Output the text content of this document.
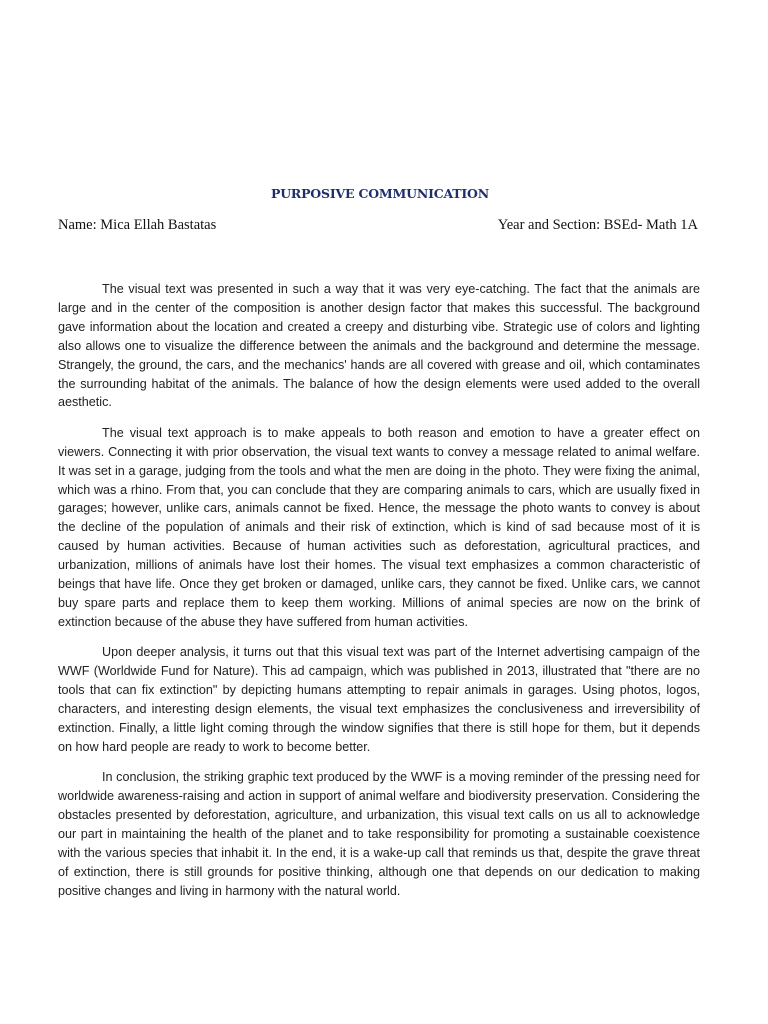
PURPOSIVE COMMUNICATION
Name: Mica Ellah Bastatas	Year and Section: BSEd- Math 1A

The visual text was presented in such a way that it was very eye-catching. The fact that the animals are large and in the center of the composition is another design factor that makes this successful. The background gave information about the location and created a creepy and disturbing vibe. Strategic use of colors and lighting also allows one to visualize the difference between the animals and the background and determine the message. Strangely, the ground, the cars, and the mechanics' hands are all covered with grease and oil, which contaminates the surrounding habitat of the animals. The balance of how the design elements were used added to the overall aesthetic.

The visual text approach is to make appeals to both reason and emotion to have a greater effect on viewers. Connecting it with prior observation, the visual text wants to convey a message related to animal welfare. It was set in a garage, judging from the tools and what the men are doing in the photo. They were fixing the animal, which was a rhino. From that, you can conclude that they are comparing animals to cars, which are usually fixed in garages; however, unlike cars, animals cannot be fixed. Hence, the message the photo wants to convey is about the decline of the population of animals and their risk of extinction, which is kind of sad because most of it is caused by human activities. Because of human activities such as deforestation, agricultural practices, and urbanization, millions of animals have lost their homes. The visual text emphasizes a common characteristic of beings that have life. Once they get broken or damaged, unlike cars, they cannot be fixed. Unlike cars, we cannot buy spare parts and replace them to keep them working. Millions of animal species are now on the brink of extinction because of the abuse they have suffered from human activities.

Upon deeper analysis, it turns out that this visual text was part of the Internet advertising campaign of the WWF (Worldwide Fund for Nature). This ad campaign, which was published in 2013, illustrated that "there are no tools that can fix extinction" by depicting humans attempting to repair animals in garages. Using photos, logos, characters, and interesting design elements, the visual text emphasizes the conclusiveness and irreversibility of extinction. Finally, a little light coming through the window signifies that there is still hope for them, but it depends on how hard people are ready to work to become better.

In conclusion, the striking graphic text produced by the WWF is a moving reminder of the pressing need for worldwide awareness-raising and action in support of animal welfare and biodiversity preservation. Considering the obstacles presented by deforestation, agriculture, and urbanization, this visual text calls on us all to acknowledge our part in maintaining the health of the planet and to take responsibility for promoting a sustainable coexistence with the various species that inhabit it. In the end, it is a wake-up call that reminds us that, despite the grave threat of extinction, there is still grounds for positive thinking, although one that depends on our dedication to making positive changes and living in harmony with the natural world.
